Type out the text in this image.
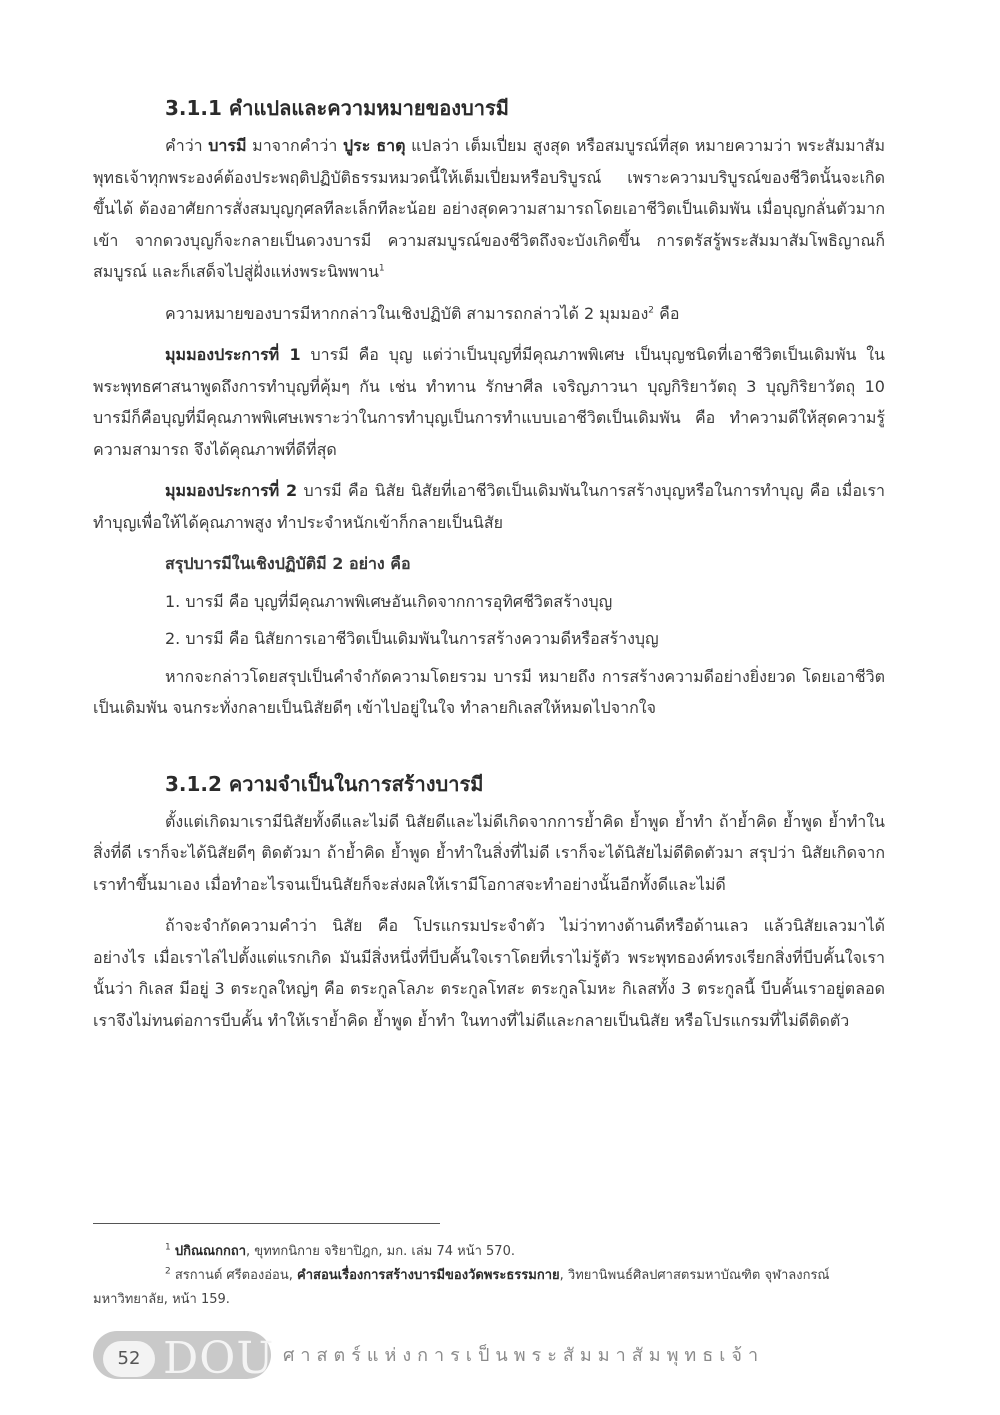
3.1.1 คำแปลและความหมายของบารมี

คำว่า บารมี มาจากคำว่า ปูระ ธาตุ แปลว่า เต็มเปี่ยม สูงสุด หรือสมบูรณ์ที่สุด หมายความว่า พระสัมมาสัมพุทธเจ้าทุกพระองค์ต้องประพฤติปฏิบัติธรรมหมวดนี้ให้เต็มเปี่ยมหรือบริบูรณ์ เพราะความบริบูรณ์ของชีวิตนั้นจะเกิดขึ้นได้ ต้องอาศัยการสั่งสมบุญกุศลทีละเล็กทีละน้อย อย่างสุดความสามารถโดยเอาชีวิตเป็นเดิมพัน เมื่อบุญกลั่นตัวมากเข้า จากดวงบุญก็จะกลายเป็นดวงบารมี ความสมบูรณ์ของชีวิตถึงจะบังเกิดขึ้น การตรัสรู้พระสัมมาสัมโพธิญาณก็สมบูรณ์ และก็เสด็จไปสู่ฝั่งแห่งพระนิพพาน$^1$

ความหมายของบารมีหากกล่าวในเชิงปฏิบัติ สามารถกล่าวได้ 2 มุมมอง$^2$ คือ

มุมมองประการที่ 1 บารมี คือ บุญ แต่ว่าเป็นบุญที่มีคุณภาพพิเศษ เป็นบุญชนิดที่เอาชีวิตเป็นเดิมพัน ในพระพุทธศาสนาพูดถึงการทำบุญที่คุ้มๆ กัน เช่น ทำทาน รักษาศีล เจริญภาวนา บุญกิริยาวัตถุ 3 บุญกิริยาวัตถุ 10 บารมีก็คือบุญที่มีคุณภาพพิเศษเพราะว่าในการทำบุญเป็นการทำแบบเอาชีวิตเป็นเดิมพัน คือ ทำความดีให้สุดความรู้ความสามารถ จึงได้คุณภาพที่ดีที่สุด

มุมมองประการที่ 2 บารมี คือ นิสัย นิสัยที่เอาชีวิตเป็นเดิมพันในการสร้างบุญหรือในการทำบุญ คือ เมื่อเราทำบุญเพื่อให้ได้คุณภาพสูง ทำประจำหนักเข้าก็กลายเป็นนิสัย

สรุปบารมีในเชิงปฏิบัติมี 2 อย่าง คือ

1. บารมี คือ บุญที่มีคุณภาพพิเศษอันเกิดจากการอุทิศชีวิตสร้างบุญ

2. บารมี คือ นิสัยการเอาชีวิตเป็นเดิมพันในการสร้างความดีหรือสร้างบุญ

หากจะกล่าวโดยสรุปเป็นคำจำกัดความโดยรวม บารมี หมายถึง การสร้างความดีอย่างยิ่งยวด โดยเอาชีวิตเป็นเดิมพัน จนกระทั่งกลายเป็นนิสัยดีๆ เข้าไปอยู่ในใจ ทำลายกิเลสให้หมดไปจากใจ

3.1.2 ความจำเป็นในการสร้างบารมี

ตั้งแต่เกิดมาเรามีนิสัยทั้งดีและไม่ดี นิสัยดีและไม่ดีเกิดจากการย้ำคิด ย้ำพูด ย้ำทำ ถ้าย้ำคิด ย้ำพูด ย้ำทำในสิ่งที่ดี เราก็จะได้นิสัยดีๆ ติดตัวมา ถ้าย้ำคิด ย้ำพูด ย้ำทำในสิ่งที่ไม่ดี เราก็จะได้นิสัยไม่ดีติดตัวมา สรุปว่า นิสัยเกิดจากเราทำขึ้นมาเอง เมื่อทำอะไรจนเป็นนิสัยก็จะส่งผลให้เรามีโอกาสจะทำอย่างนั้นอีกทั้งดีและไม่ดี

ถ้าจะจำกัดความคำว่า นิสัย คือ โปรแกรมประจำตัว ไม่ว่าทางด้านดีหรือด้านเลว แล้วนิสัยเลวมาได้อย่างไร เมื่อเราไล่ไปตั้งแต่แรกเกิด มันมีสิ่งหนึ่งที่บีบคั้นใจเราโดยที่เราไม่รู้ตัว พระพุทธองค์ทรงเรียกสิ่งที่บีบคั้นใจเรานั้นว่า กิเลส มีอยู่ 3 ตระกูลใหญ่ๆ คือ ตระกูลโลภะ ตระกูลโทสะ ตระกูลโมหะ กิเลสทั้ง 3 ตระกูลนี้ บีบคั้นเราอยู่ตลอด เราจึงไม่ทนต่อการบีบคั้น ทำให้เราย้ำคิด ย้ำพูด ย้ำทำ ในทางที่ไม่ดีและกลายเป็นนิสัย หรือโปรแกรมที่ไม่ดีติดตัว

$^1$ ปกิณณกกถา, ขุททกนิกาย จริยาปิฎก, มก. เล่ม 74 หน้า 570.

$^2$ สรกานต์ ศรีตองอ่อน, คำสอนเรื่องการสร้างบารมีของวัดพระธรรมกาย, วิทยานิพนธ์ศิลปศาสตรมหาบัณฑิต จุฬาลงกรณ์มหาวิทยาลัย, หน้า 159.

52 DOU ศาสตร์แห่งการเป็นพระสัมมาสัมพุทธเจ้า
